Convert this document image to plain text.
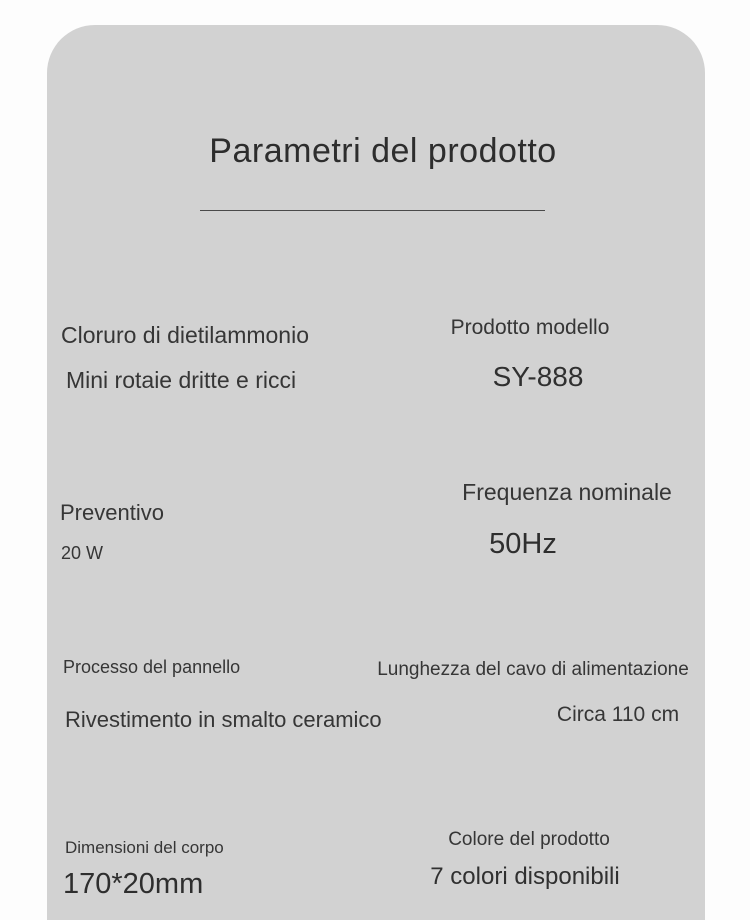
Parametri del prodotto
Cloruro di dietilammonio
Mini rotaie dritte e ricci
Prodotto modello
SY-888
Preventivo
20 W
Frequenza nominale
50Hz
Processo del pannello
Rivestimento in smalto ceramico
Lunghezza del cavo di alimentazione
Circa 110 cm
Dimensioni del corpo
170*20mm
Colore del prodotto
7 colori disponibili
